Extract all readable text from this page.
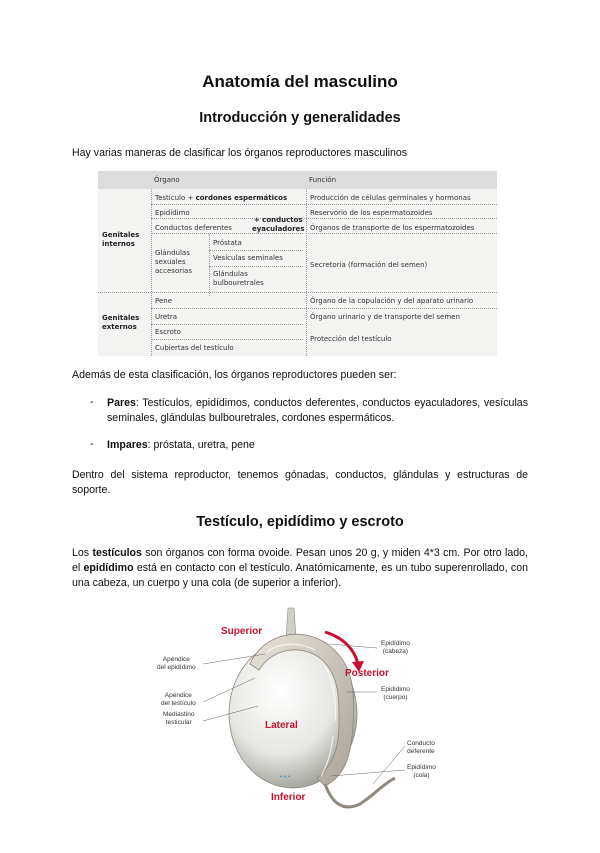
Anatomía del masculino
Introducción y generalidades

Hay varias maneras de clasificar los órganos reproductores masculinos

Órgano	Función
Genitales
internos
Genitales
externos
Testículo + cordones espermáticos
Epidídimo
Conductos deferentes
+ conductos
eyaculadores
Glándulas
sexuales
accesorias
Próstata
Vesículas seminales
Glándulas
bulbouretrales
Pene
Uretra
Escroto
Cubiertas del testículo
Producción de células germinales y hormonas
Reservorio de los espermatozoides
Órganos de transporte de los espermatozoides
Secretoria (formación del semen)
Órgano de la copulación y del aparato urinario
Órgano urinario y de transporte del semen
Protección del testículo

Además de esta clasificación, los órganos reproductores pueden ser:

- Pares: Testículos, epidídimos, conductos deferentes, conductos eyaculadores, vesículas seminales, glándulas bulbouretrales, cordones espermáticos.

- Impares: próstata, uretra, pene

Dentro del sistema reproductor, tenemos gónadas, conductos, glándulas y estructuras de soporte.

Testículo, epidídimo y escroto

Los testículos son órganos con forma ovoide. Pesan unos 20 g, y miden 4*3 cm. Por otro lado, el epidídimo está en contacto con el testículo. Anatómicamente, es un tubo superenrollado, con una cabeza, un cuerpo y una cola (de superior a inferior).

ˆ˄ˆ
Superior
Posterior
Lateral
Inferior
Apéndice
del epidídimo
Apéndice
del testículo
Mediastino
testicular
Epidídimo
(cabeza)
Epidídimo
(cuerpo)
Conducto
deferente
Epidídimo
(cola)
